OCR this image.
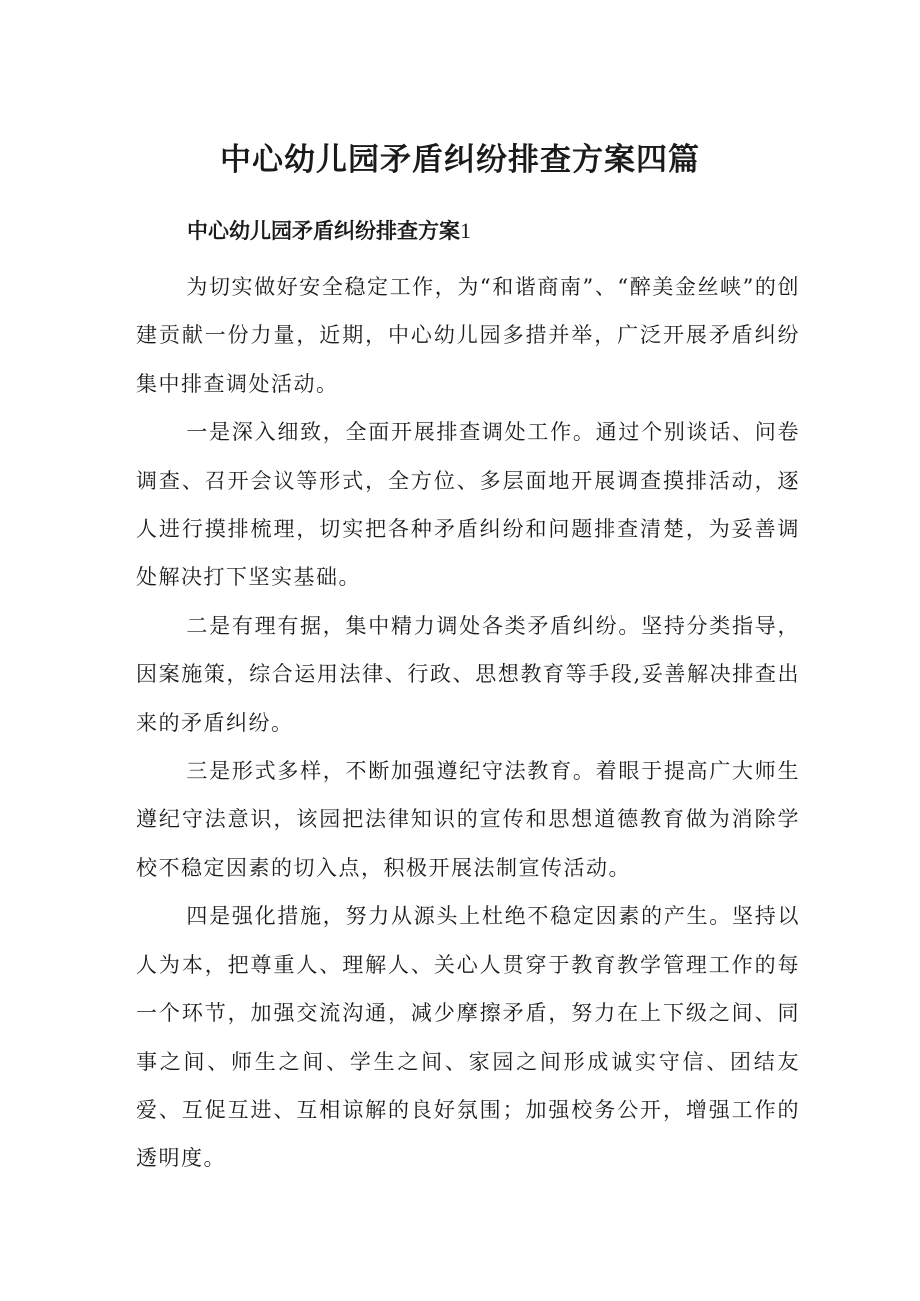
中心幼儿园矛盾纠纷排查方案四篇
中心幼儿园矛盾纠纷排查方案1

为切实做好安全稳定工作，为“和谐商南”、“醉美金丝峡”的创建贡献一份力量，近期，中心幼儿园多措并举，广泛开展矛盾纠纷集中排查调处活动。

一是深入细致，全面开展排查调处工作。通过个别谈话、问卷调查、召开会议等形式，全方位、多层面地开展调查摸排活动，逐人进行摸排梳理，切实把各种矛盾纠纷和问题排查清楚，为妥善调处解决打下坚实基础。

二是有理有据，集中精力调处各类矛盾纠纷。坚持分类指导，因案施策，综合运用法律、行政、思想教育等手段,妥善解决排查出来的矛盾纠纷。

三是形式多样，不断加强遵纪守法教育。着眼于提高广大师生遵纪守法意识，该园把法律知识的宣传和思想道德教育做为消除学校不稳定因素的切入点，积极开展法制宣传活动。

四是强化措施，努力从源头上杜绝不稳定因素的产生。坚持以人为本，把尊重人、理解人、关心人贯穿于教育教学管理工作的每一个环节，加强交流沟通，减少摩擦矛盾，努力在上下级之间、同事之间、师生之间、学生之间、家园之间形成诚实守信、团结友爱、互促互进、互相谅解的良好氛围；加强校务公开，增强工作的透明度。
